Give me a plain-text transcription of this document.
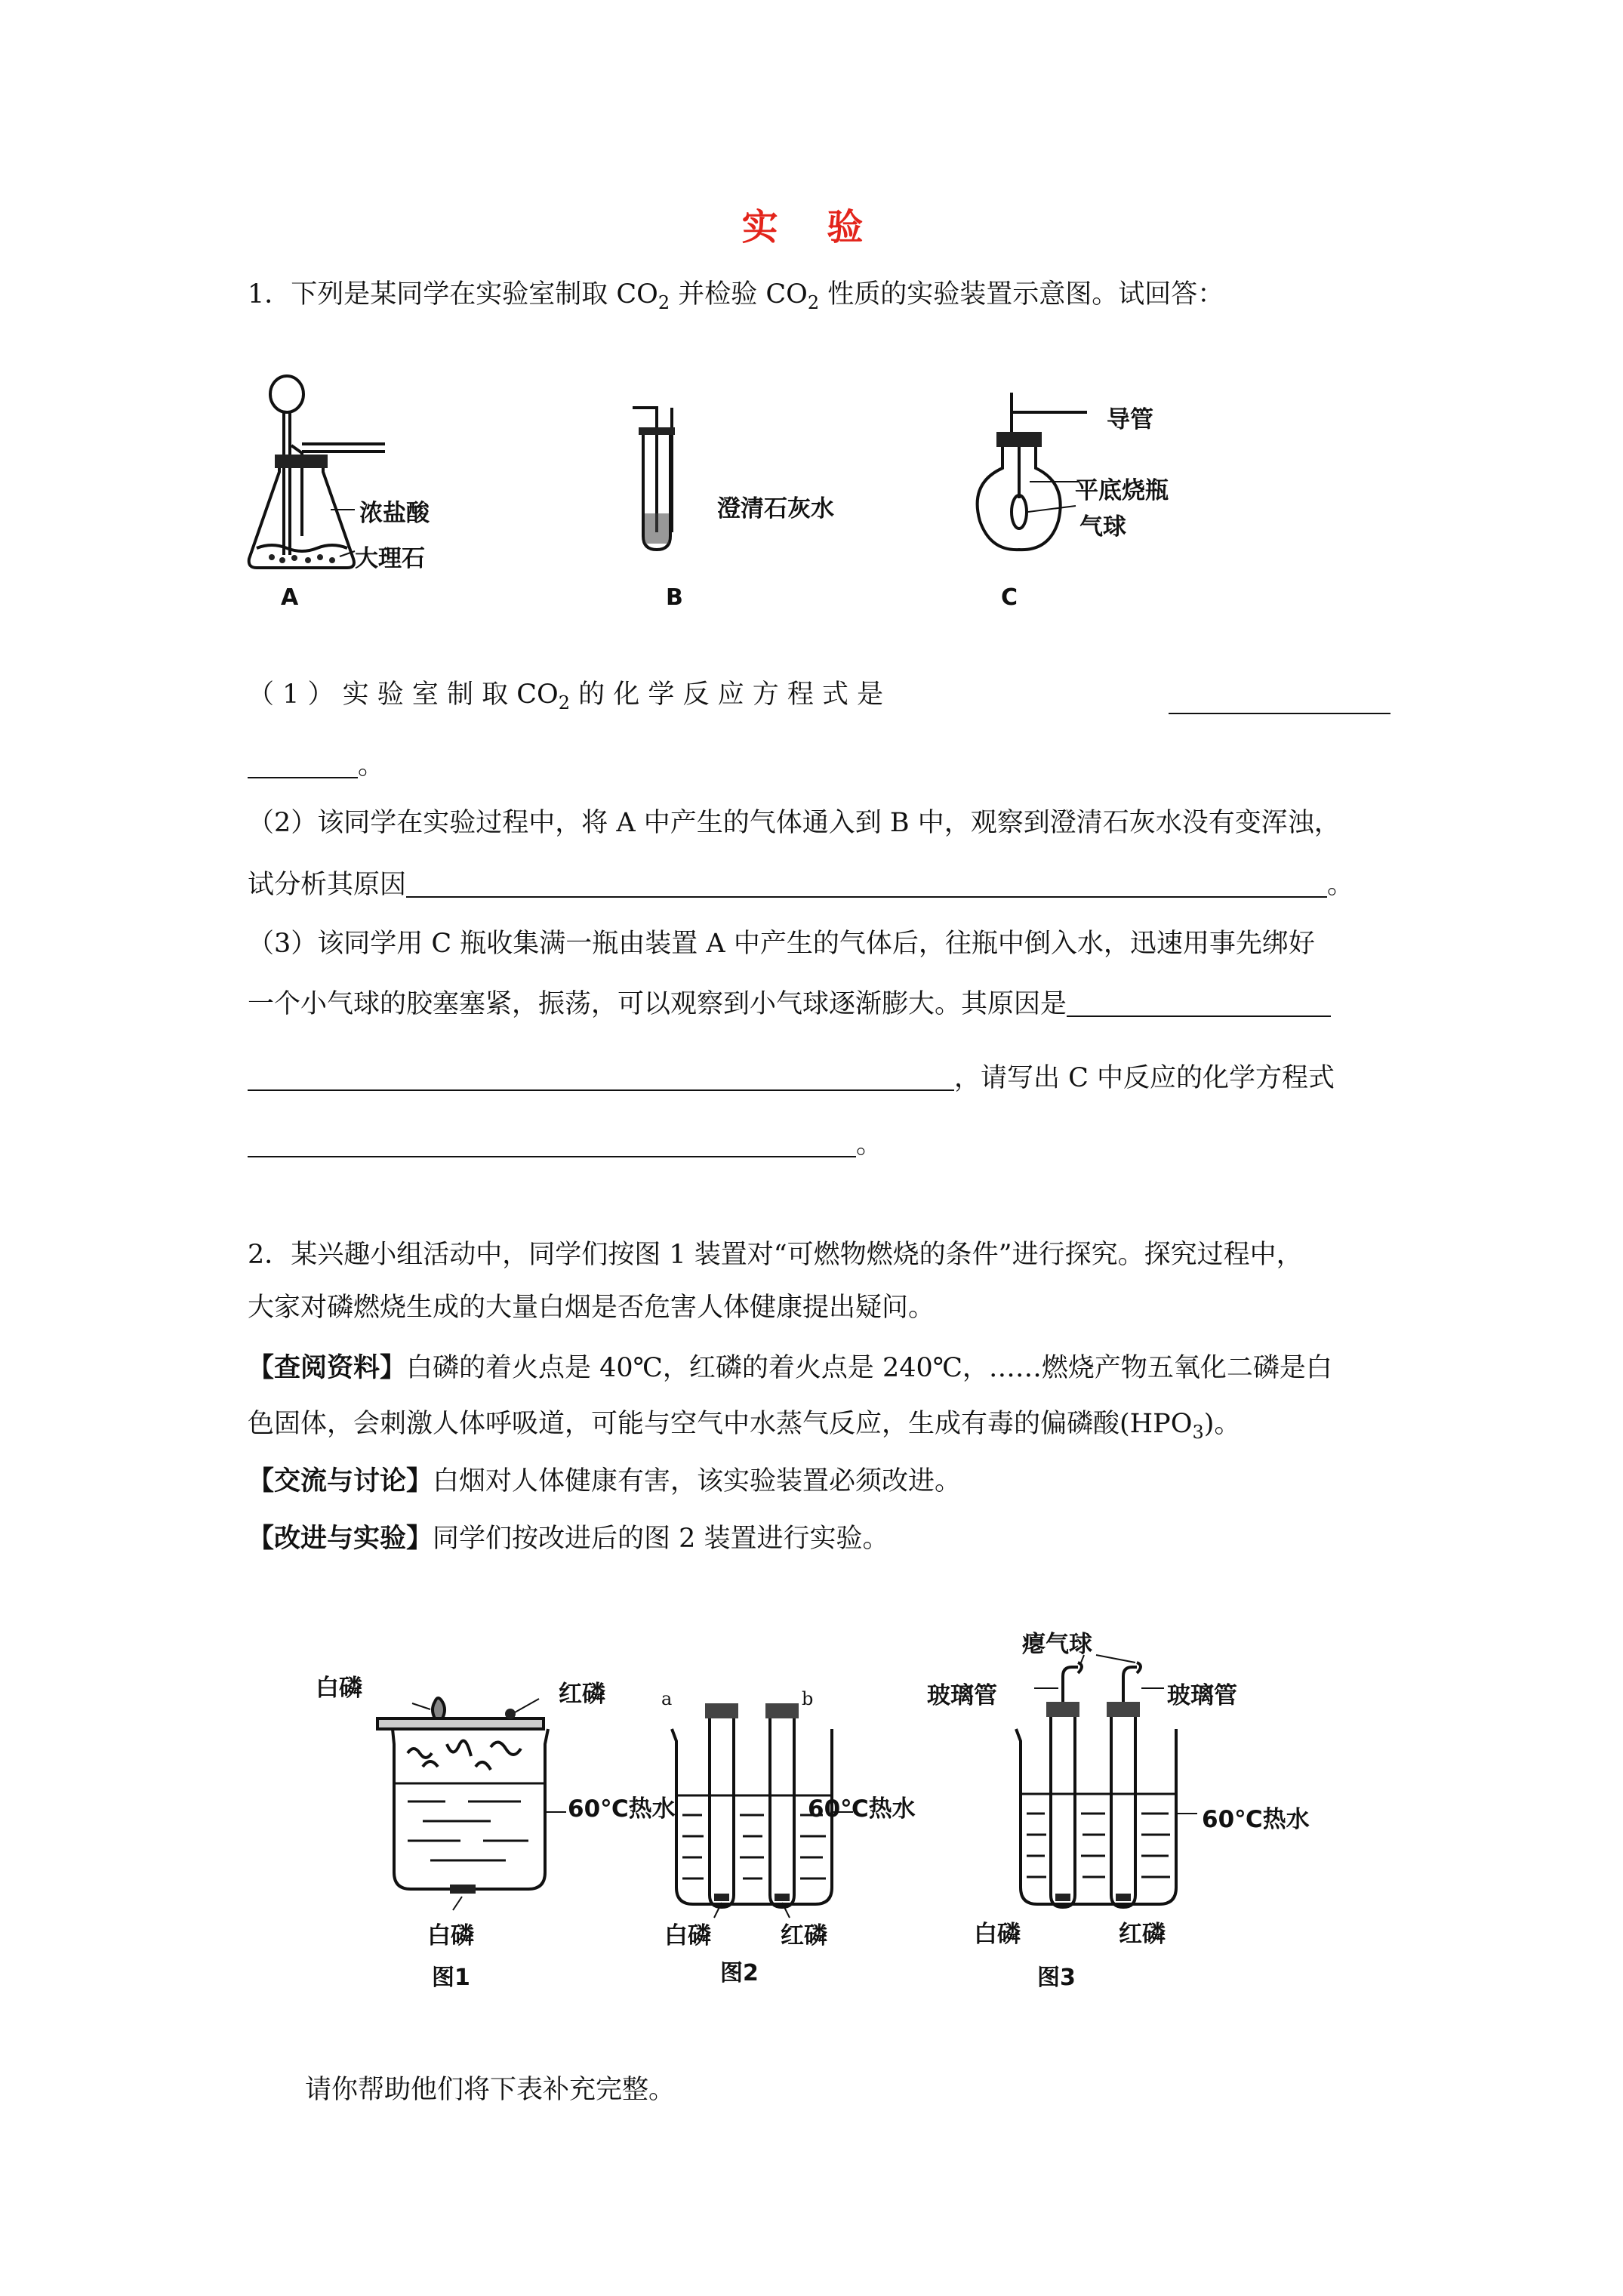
实 验
1．下列是某同学在实验室制取 $CO_2$ 并检验 $CO_2$ 性质的实验装置示意图。试回答：
浓盐酸
大理石
A
澄清石灰水
B
导管
平底烧瓶
气球
C
（ 1 ） 实 验 室 制 取 $CO_2$ 的 化 学 反 应 方 程 式 是
。
（2）该同学在实验过程中，将 A 中产生的气体通入到 B 中，观察到澄清石灰水没有变浑浊，
试分析其原因	。
（3）该同学用 C 瓶收集满一瓶由装置 A 中产生的气体后，往瓶中倒入水，迅速用事先绑好
一个小气球的胶塞塞紧，振荡，可以观察到小气球逐渐膨大。其原因是
，请写出 C 中反应的化学方程式
。
2．某兴趣小组活动中，同学们按图 1 装置对“可燃物燃烧的条件”进行探究。探究过程中，
大家对磷燃烧生成的大量白烟是否危害人体健康提出疑问。
【查阅资料】白磷的着火点是 40℃，红磷的着火点是 240℃，……燃烧产物五氧化二磷是白
色固体，会刺激人体呼吸道，可能与空气中水蒸气反应，生成有毒的偏磷酸$(HPO_3)$。
【交流与讨论】白烟对人体健康有害，该实验装置必须改进。
【改进与实验】同学们按改进后的图 2 装置进行实验。
白磷	红磷
60℃热水
白磷
图1
a	b
60℃热水
白磷	红磷
图2
瘪气球
玻璃管	玻璃管
60℃热水
白磷	红磷
图3
请你帮助他们将下表补充完整。
